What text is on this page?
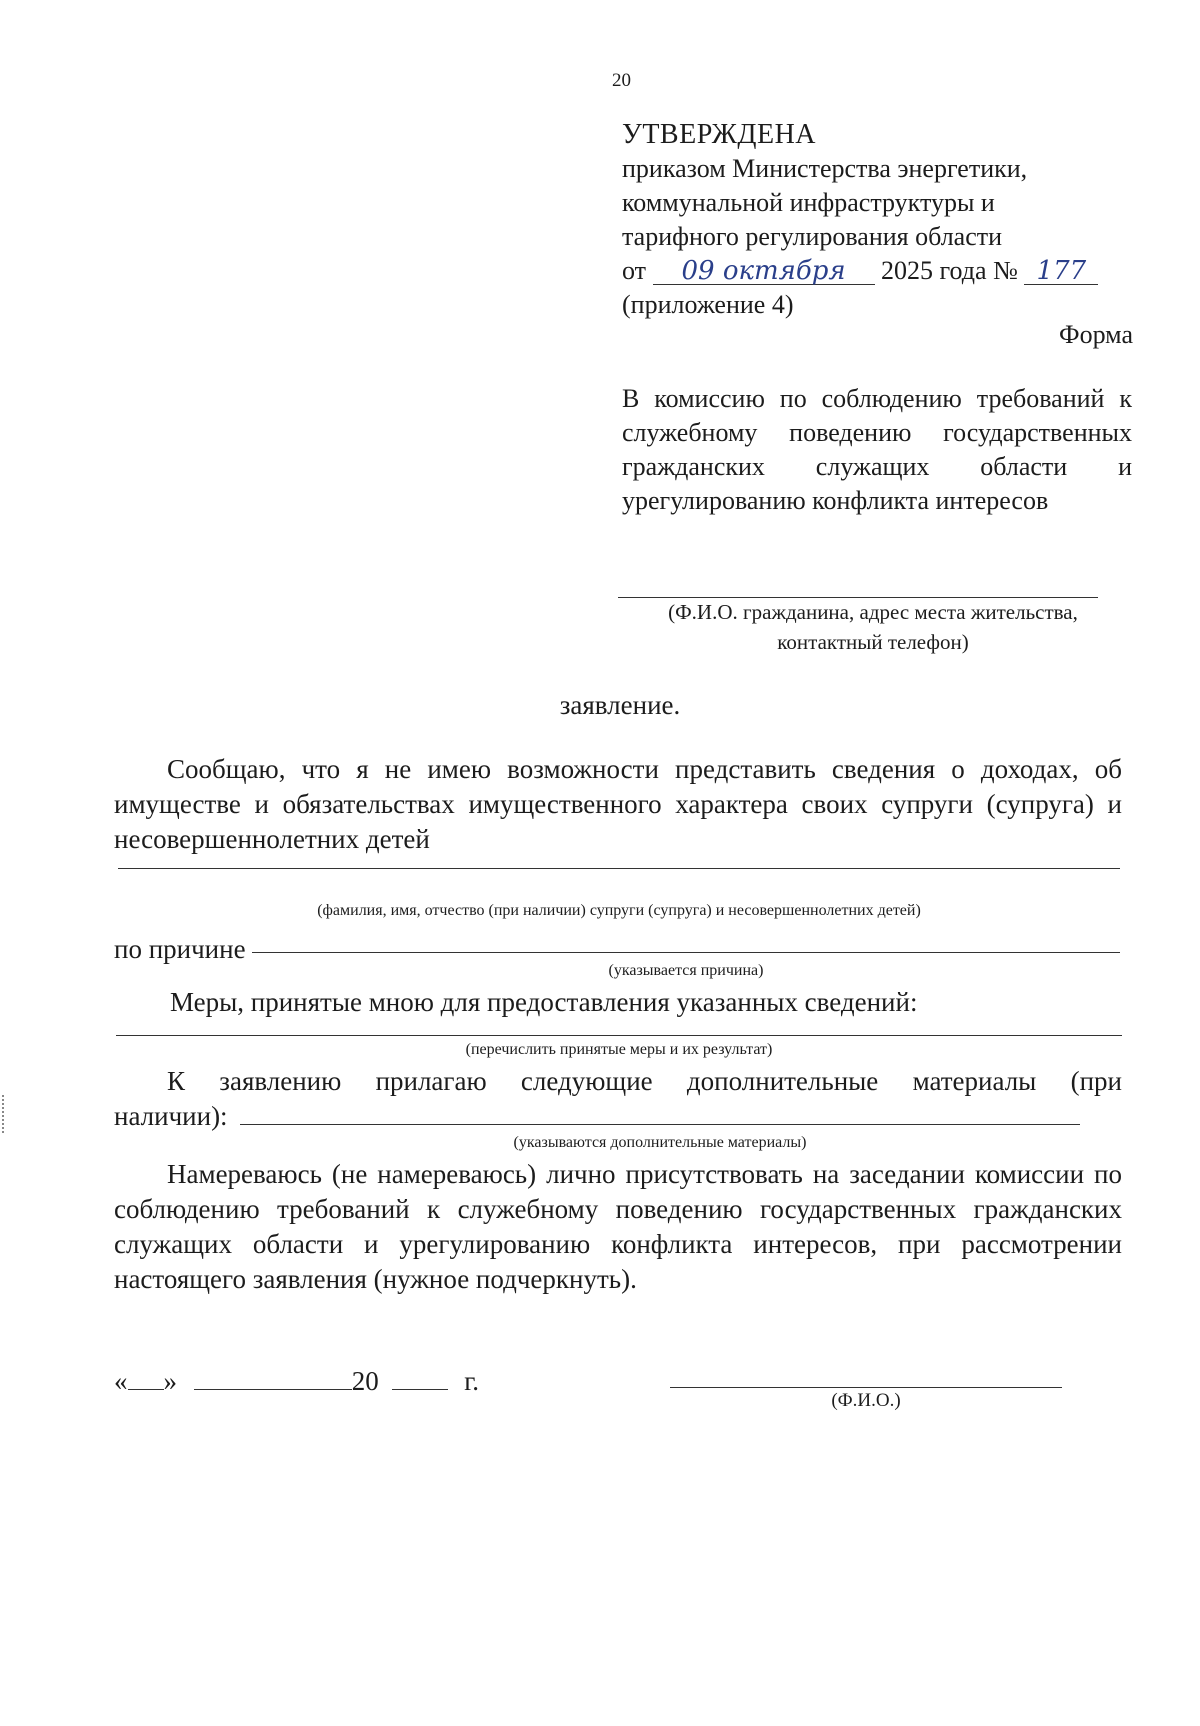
20
УТВЕРЖДЕНА
приказом Министерства энергетики,
коммунальной инфраструктуры и
тарифного регулирования области
от 09 октября 2025 года № 177
(приложение 4)
Форма
В комиссию по соблюдению требований к служебному поведению государственных гражданских служащих области и урегулированию конфликта интересов
(Ф.И.О. гражданина, адрес места жительства,
контактный телефон)
заявление.
Сообщаю, что я не имею возможности представить сведения о доходах, об имуществе и обязательствах имущественного характера своих супруги (супруга) и несовершеннолетних детей
(фамилия, имя, отчество (при наличии) супруги (супруга) и несовершеннолетних детей)
по причине
(указывается причина)
Меры, принятые мною для предоставления указанных сведений:
(перечислить принятые меры и их результат)
К заявлению прилагаю следующие дополнительные материалы (при
наличии):
(указываются дополнительные материалы)
Намереваюсь (не намереваюсь) лично присутствовать на заседании комиссии по соблюдению требований к служебному поведению государственных гражданских служащих области и урегулированию конфликта интересов, при рассмотрении настоящего заявления (нужное подчеркнуть).
« »	20	г.
(Ф.И.О.)
